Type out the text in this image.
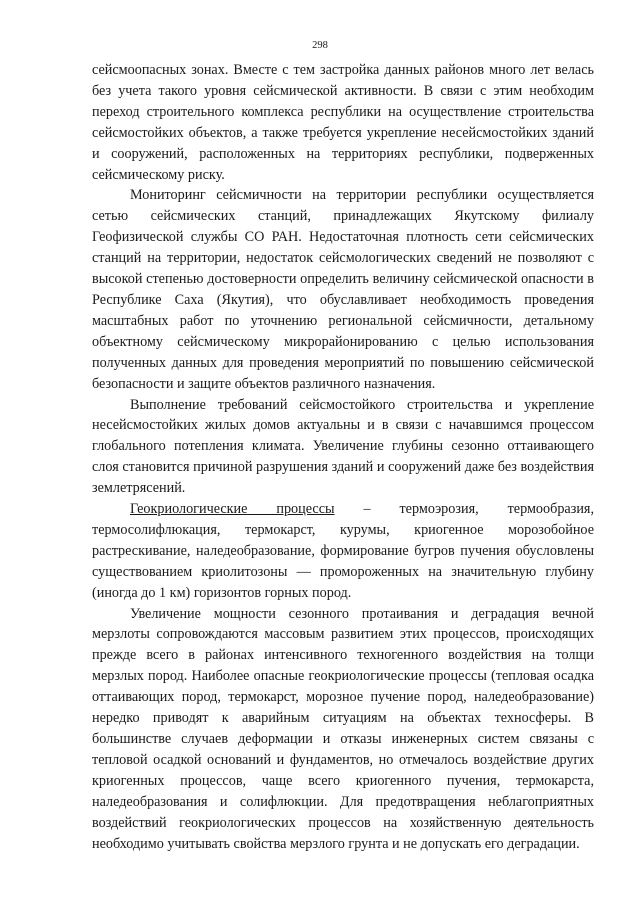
298

сейсмоопасных зонах. Вместе с тем застройка данных районов много лет велась без учета такого уровня сейсмической активности. В связи с этим необходим переход строительного комплекса республики на осуществление строительства сейсмостойких объектов, а также требуется укрепление несейсмостойких зданий и сооружений, расположенных на территориях республики, подверженных сейсмическому риску.

Мониторинг сейсмичности на территории республики осуществляется сетью сейсмических станций, принадлежащих Якутскому филиалу Геофизической службы СО РАН. Недостаточная плотность сети сейсмических станций на территории, недостаток сейсмологических сведений не позволяют с высокой степенью достоверности определить величину сейсмической опасности в Республике Саха (Якутия), что обуславливает необходимость проведения масштабных работ по уточнению региональной сейсмичности, детальному объектному сейсмическому микрорайонированию с целью использования полученных данных для проведения мероприятий по повышению сейсмической безопасности и защите объектов различного назначения.

Выполнение требований сейсмостойкого строительства и укрепление несейсмостойких жилых домов актуальны и в связи с начавшимся процессом глобального потепления климата. Увеличение глубины сезонно оттаивающего слоя становится причиной разрушения зданий и сооружений даже без воздействия землетрясений.

Геокриологические процессы – термоэрозия, термообразия, термосолифлюкация, термокарст, курумы, криогенное морозобойное растрескивание, наледеобразование, формирование бугров пучения обусловлены существованием криолитозоны — промороженных на значительную глубину (иногда до 1 км) горизонтов горных пород.

Увеличение мощности сезонного протаивания и деградация вечной мерзлоты сопровождаются массовым развитием этих процессов, происходящих прежде всего в районах интенсивного техногенного воздействия на толщи мерзлых пород. Наиболее опасные геокриологические процессы (тепловая осадка оттаивающих пород, термокарст, морозное пучение пород, наледеобразование) нередко приводят к аварийным ситуациям на объектах техносферы. В большинстве случаев деформации и отказы инженерных систем связаны с тепловой осадкой оснований и фундаментов, но отмечалось воздействие других криогенных процессов, чаще всего криогенного пучения, термокарста, наледеобразования и солифлюкции. Для предотвращения неблагоприятных воздействий геокриологических процессов на хозяйственную деятельность необходимо учитывать свойства мерзлого грунта и не допускать его деградации.
